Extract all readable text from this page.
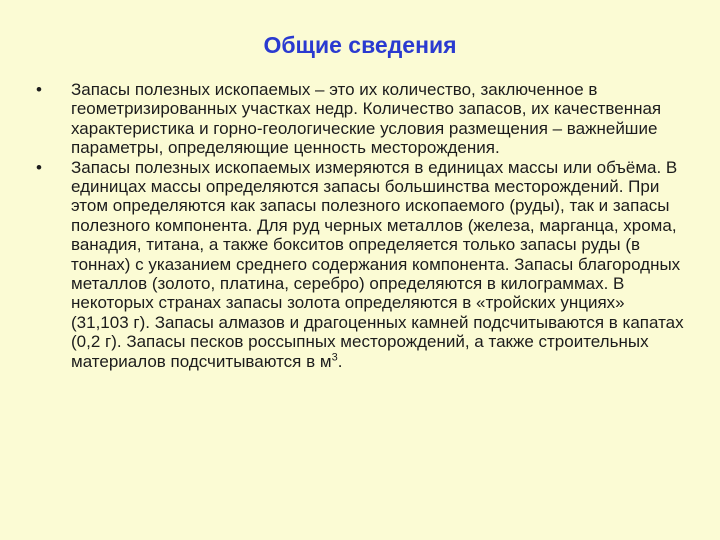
Общие сведения
•	Запасы полезных ископаемых – это их количество, заключенное в геометризированных участках недр. Количество запасов, их качественная характеристика и горно-геологические условия размещения – важнейшие параметры, определяющие ценность месторождения.
•	Запасы полезных ископаемых измеряются в единицах массы или объёма. В единицах массы определяются запасы большинства месторождений. При этом определяются как запасы полезного ископаемого (руды), так и запасы полезного компонента. Для руд черных металлов (железа, марганца, хрома, ванадия, титана, а также бокситов определяется только запасы руды (в тоннах) с указанием среднего содержания компонента. Запасы благородных металлов (золото, платина, серебро) определяются в килограммах. В некоторых странах запасы золота определяются в «тройских унциях» (31,103 г). Запасы алмазов и драгоценных камней подсчитываются в капатах (0,2 г). Запасы песков россыпных месторождений, а также строительных материалов подсчитываются в $м^3$.
